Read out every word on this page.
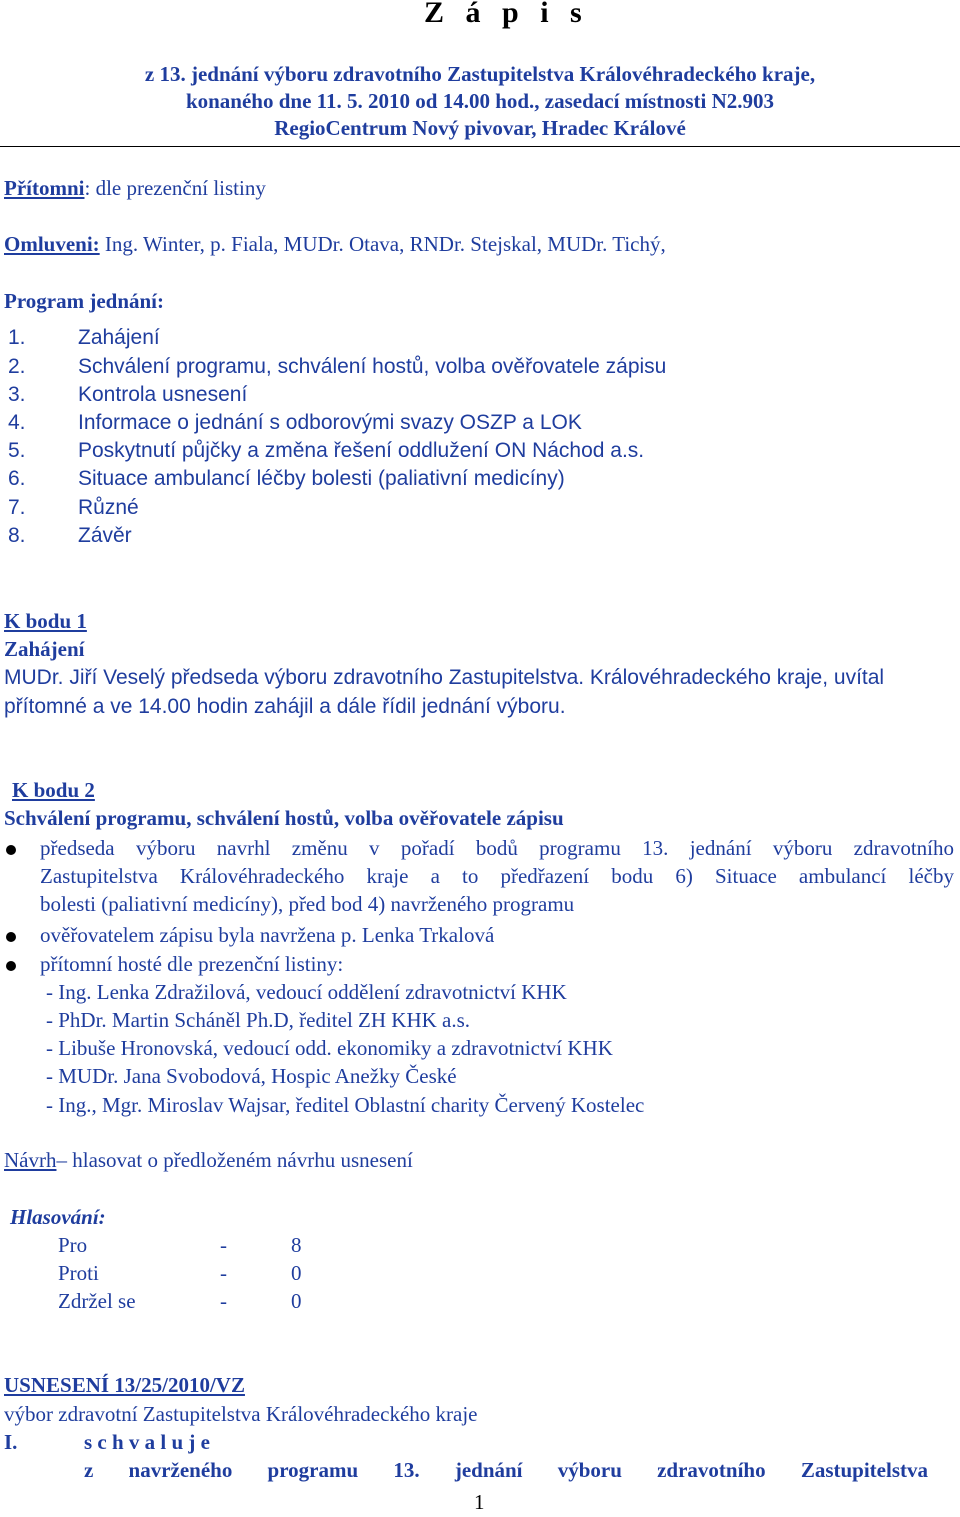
Z á p i s
z 13. jednání výboru zdravotního Zastupitelstva Královéhradeckého kraje,
konaného dne 11. 5. 2010 od 14.00 hod., zasedací místnosti N2.903
RegioCentrum Nový pivovar, Hradec Králové
Přítomni: dle prezenční listiny
Omluveni: Ing. Winter, p. Fiala, MUDr. Otava, RNDr. Stejskal, MUDr. Tichý,
Program jednání:
1. Zahájení
2. Schválení programu, schválení hostů, volba ověřovatele zápisu
3. Kontrola usnesení
4. Informace o jednání s odborovými svazy OSZP a LOK
5. Poskytnutí půjčky a změna řešení oddlužení ON Náchod a.s.
6. Situace ambulancí léčby bolesti (paliativní medicíny)
7. Různé
8. Závěr
K bodu 1
Zahájení
MUDr. Jiří Veselý předseda výboru zdravotního Zastupitelstva. Královéhradeckého kraje, uvítal
přítomné a ve 14.00 hodin zahájil a dále řídil jednání výboru.
K bodu 2
Schválení programu, schválení hostů, volba ověřovatele zápisu
předseda výboru navrhl změnu v pořadí bodů programu 13. jednání výboru zdravotního
Zastupitelstva Královéhradeckého kraje a to předřazení bodu 6) Situace ambulancí léčby
bolesti (paliativní medicíny), před bod 4) navrženého programu
ověřovatelem zápisu byla navržena p. Lenka Trkalová
přítomní hosté dle prezenční listiny:
- Ing. Lenka Zdražilová, vedoucí oddělení zdravotnictví KHK
- PhDr. Martin Scháněl Ph.D, ředitel ZH KHK a.s.
- Libuše Hronovská, vedoucí odd. ekonomiky a zdravotnictví KHK
- MUDr. Jana Svobodová, Hospic Anežky České
- Ing., Mgr. Miroslav Wajsar, ředitel Oblastní charity Červený Kostelec
Návrh– hlasovat o předloženém návrhu usnesení
Hlasování:
Pro	-	8
Proti	-	0
Zdržel se	-	0
USNESENÍ 13/25/2010/VZ
výbor zdravotní Zastupitelstva Královéhradeckého kraje
I.	s c h v a l u j e
z navrženého programu 13. jednání výboru zdravotního Zastupitelstva
1
